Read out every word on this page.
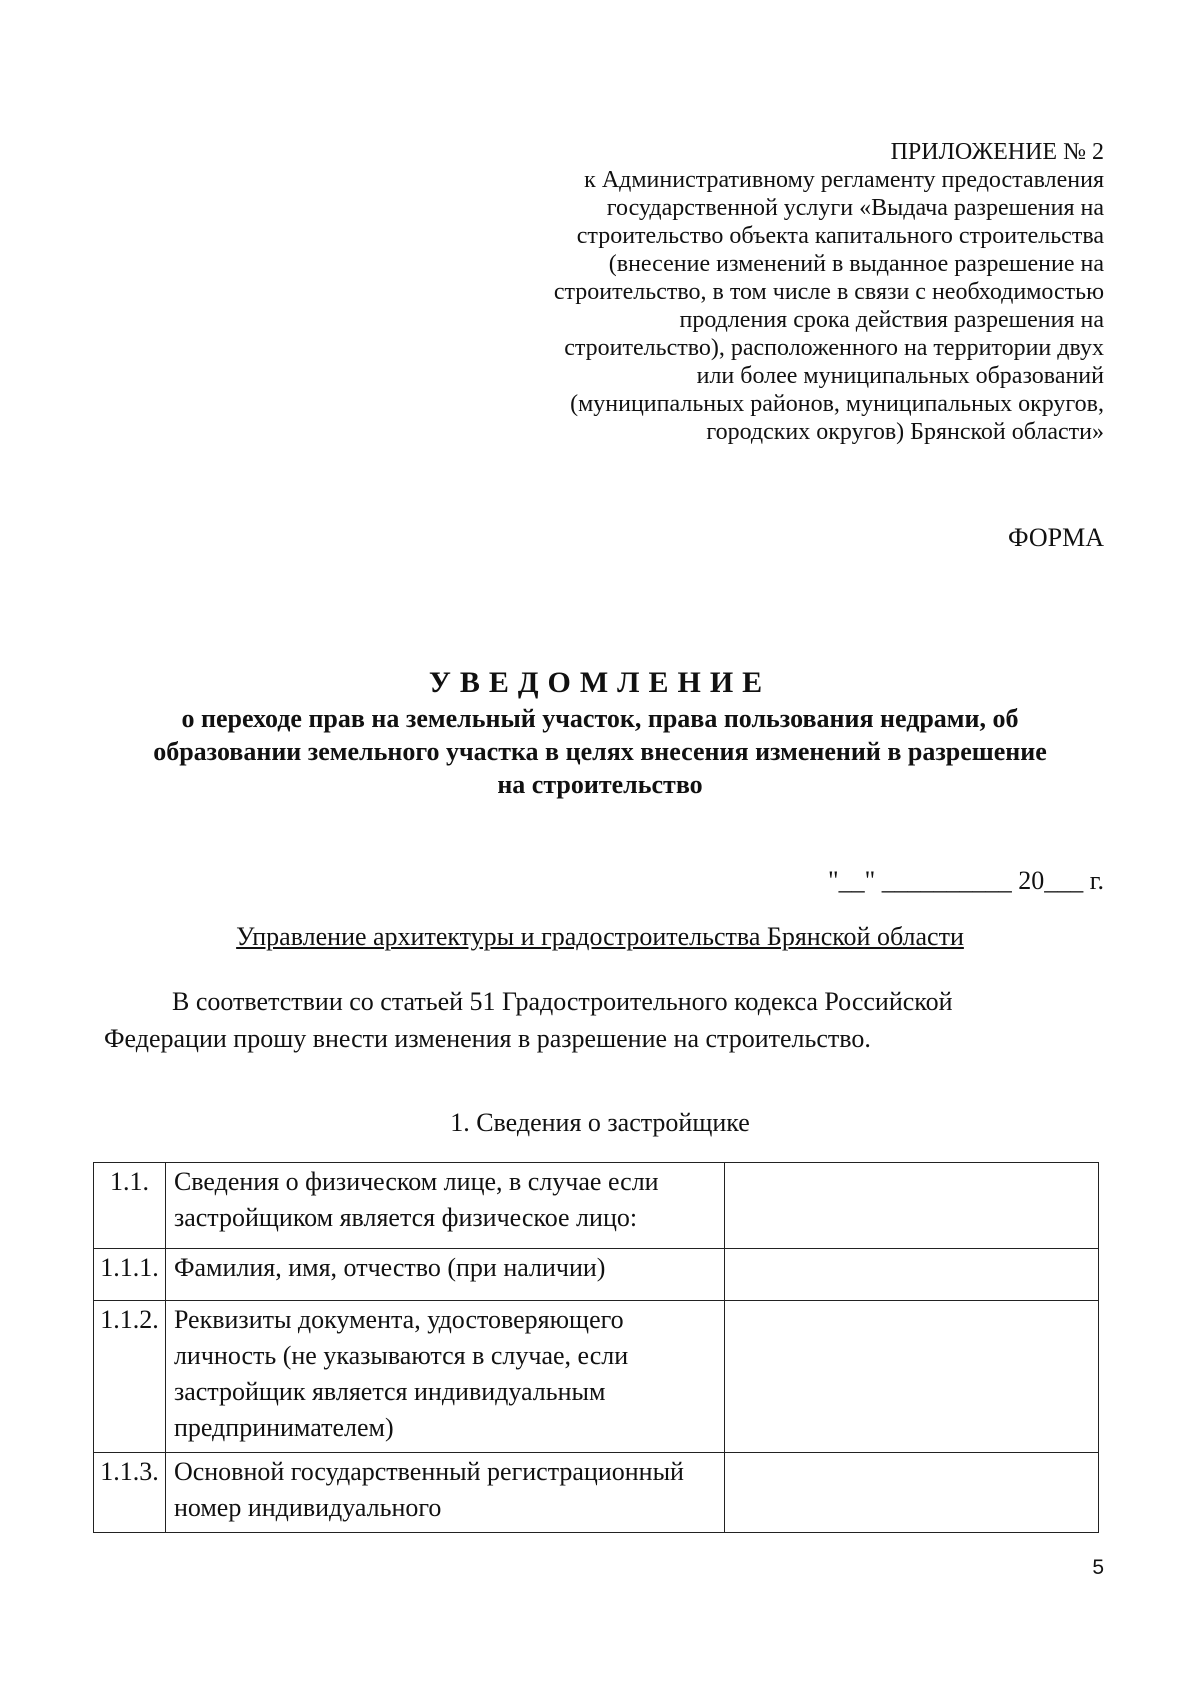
ПРИЛОЖЕНИЕ № 2
к Административному регламенту предоставления
государственной услуги «Выдача разрешения на
строительство объекта капитального строительства
(внесение изменений в выданное разрешение на
строительство, в том числе в связи с необходимостью
продления срока действия разрешения на
строительство), расположенного на территории двух
или более муниципальных образований
(муниципальных районов, муниципальных округов,
городских округов) Брянской области»
ФОРМА
УВЕДОМЛЕНИЕ
о переходе прав на земельный участок, права пользования недрами, об
образовании земельного участка в целях внесения изменений в разрешение
на строительство
"__" __________ 20___ г.
Управление архитектуры и градостроительства Брянской области
В соответствии со статьей 51 Градостроительного кодекса Российской
Федерации прошу внести изменения в разрешение на строительство.
1. Сведения о застройщике
1.1.	Сведения о физическом лице, в случае если застройщиком является физическое лицо:	
1.1.1.	Фамилия, имя, отчество (при наличии)	
1.1.2.	Реквизиты документа, удостоверяющего личность (не указываются в случае, если застройщик является индивидуальным предпринимателем)	
1.1.3.	Основной государственный регистрационный номер индивидуального	
5
